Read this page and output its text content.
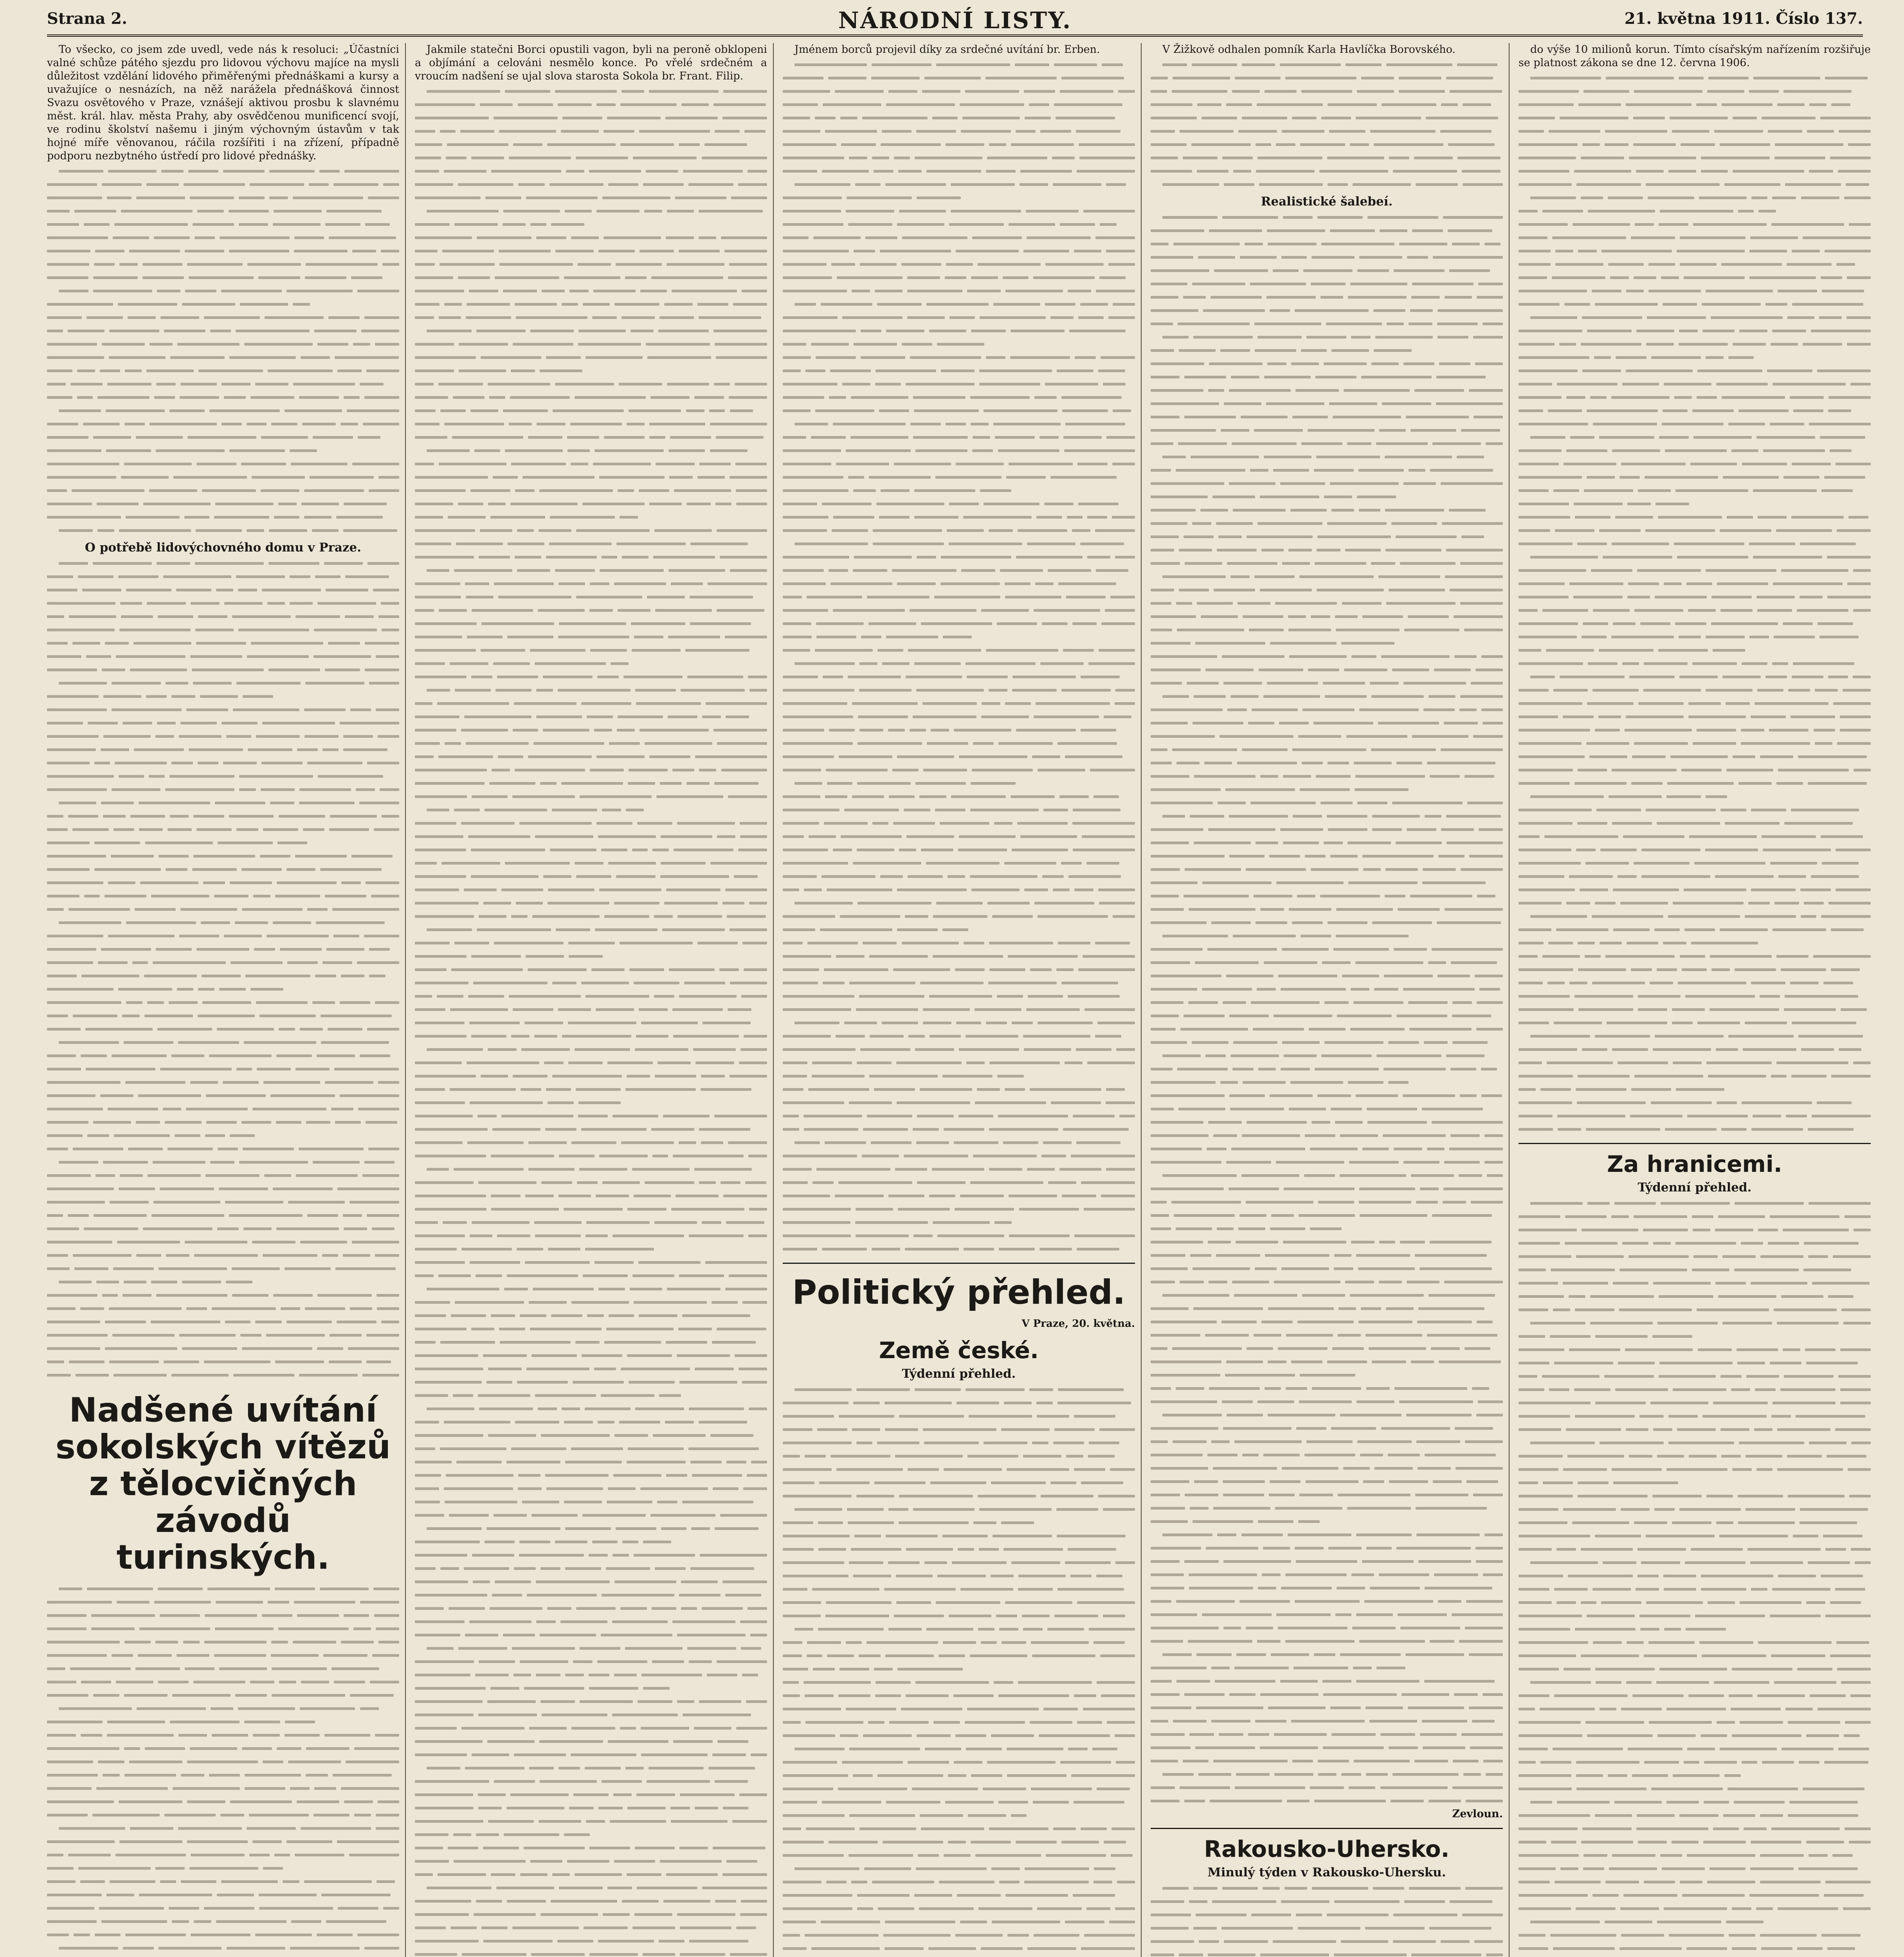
Strana 2.	NÁRODNÍ LISTY.	21. května 1911. Číslo 137.

To všecko, co jsem zde uvedl, vede nás k resoluci: „Účastníci valné schůze pátého sjezdu pro lidovou výchovu majíce na mysli důležitost vzdělání lidového přiměřenými přednáškami a kursy a uvažujíce o nesnázích, na něž narážela přednášková činnost Svazu osvětového v Praze, vznášejí aktivou prosbu k slavnému měst. král. hlav. města Prahy, aby osvědčenou munificencí svojí, ve rodinu školství našemu i jiným výchovným ústavům v tak hojné míře věnovanou, ráčila rozšířiti i na zřízení, případně podporu nezbytného ústředí pro lidové přednášky.

O potřebě lidovýchovného domu v Praze.
Nadšené uvítání sokolských vítězů z tělocvičných závodů turinských.

Jakmile statečni Borci opustili vagon, byli na peroně obklopeni a objímání a celováni nesmělo konce. Po vřelé srdečném a vroucím nadšení se ujal slova starosta Sokola br. Frant. Filip.

Jménem borců projevil díky za srdečné uvítání br. Erben.

Politický přehled.
V Praze, 20. května.
Země české.
Týdenní přehled.

V Žižkově odhalen pomník Karla Havlíčka Borovského.

Realistické šalebeí.
Zevloun.
Rakousko-Uhersko.
Minulý týden v Rakousko-Uhersku.

do výše 10 milionů korun. Tímto císařským nařízením rozšiřuje se platnost zákona se dne 12. června 1906.

Za hranicemi.
Týdenní přehled.
